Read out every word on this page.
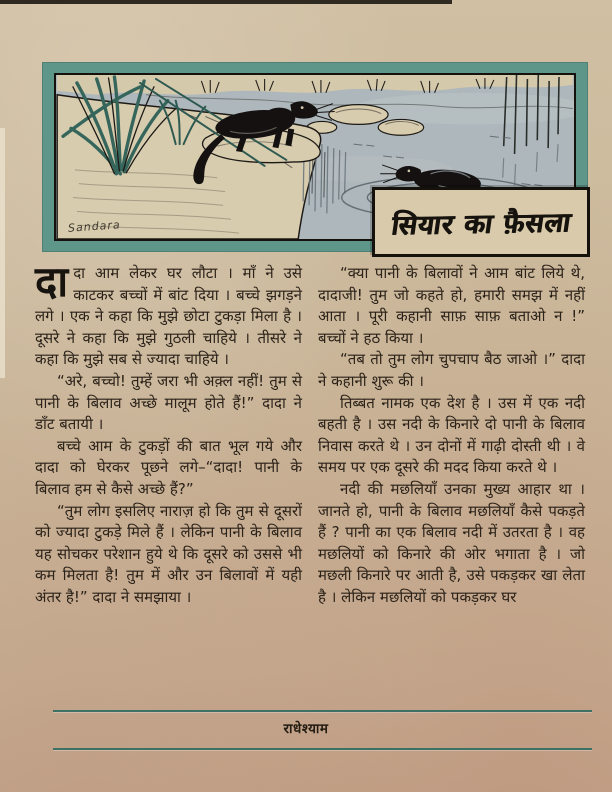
Sandara	सियार का फ़ैसला

दादा आम लेकर घर लौटा । माँ ने उसे काटकर बच्चों में बांट दिया । बच्चे झगड़ने लगे । एक ने कहा कि मुझे छोटा टुकड़ा मिला है । दूसरे ने कहा कि मुझे गुठली चाहिये । तीसरे ने कहा कि मुझे सब से ज्यादा चाहिये ।

“अरे, बच्चो! तुम्हें जरा भी अक़्ल नहीं! तुम से पानी के बिलाव अच्छे मालूम होते हैं!” दादा ने डाँट बतायी ।

बच्चे आम के टुकड़ों की बात भूल गये और दादा को घेरकर पूछने लगे–“दादा! पानी के बिलाव हम से कैसे अच्छे हैं?”

“तुम लोग इसलिए नाराज़ हो कि तुम से दूसरों को ज्यादा टुकड़े मिले हैं । लेकिन पानी के बिलाव यह सोचकर परेशान हुये थे कि दूसरे को उससे भी कम मिलता है! तुम में और उन बिलावों में यही अंतर है!” दादा ने समझाया ।

“क्या पानी के बिलावों ने आम बांट लिये थे, दादाजी! तुम जो कहते हो, हमारी समझ में नहीं आता । पूरी कहानी साफ़ साफ़ बताओ न !” बच्चों ने हठ किया ।

“तब तो तुम लोग चुपचाप बैठ जाओ ।” दादा ने कहानी शुरू की ।

तिब्बत नामक एक देश है । उस में एक नदी बहती है । उस नदी के किनारे दो पानी के बिलाव निवास करते थे । उन दोनों में गाढ़ी दोस्ती थी । वे समय पर एक दूसरे की मदद किया करते थे ।

नदी की मछलियाँ उनका मुख्य आहार था । जानते हो, पानी के बिलाव मछलियाँ कैसे पकड़ते हैं ? पानी का एक बिलाव नदी में उतरता है । वह मछलियों को किनारे की ओर भगाता है । जो मछली किनारे पर आती है, उसे पकड़कर खा लेता है । लेकिन मछलियों को पकड़कर घर

राधेश्याम
